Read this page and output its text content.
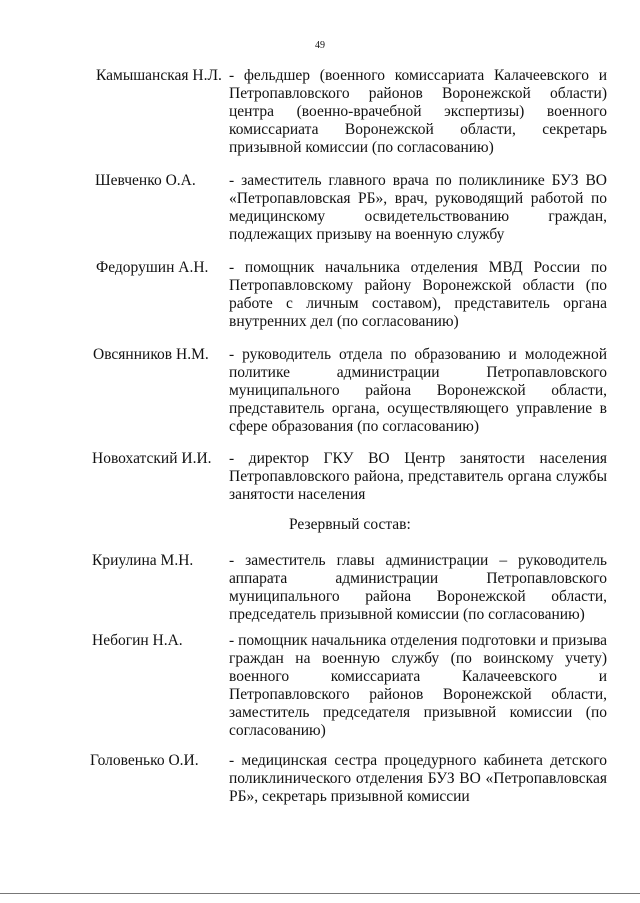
49
Камышанская Н.Л. - фельдшер (военного комиссариата Калачеевского и Петропавловского районов Воронежской области) центра (военно-врачебной экспертизы) военного комиссариата Воронежской области, секретарь призывной комиссии (по согласованию)
Шевченко О.А. - заместитель главного врача по поликлинике БУЗ ВО «Петропавловская РБ», врач, руководящий работой по медицинскому освидетельствованию граждан, подлежащих призыву на военную службу
Федорушин А.Н. - помощник начальника отделения МВД России по Петропавловскому району Воронежской области (по работе с личным составом), представитель органа внутренних дел (по согласованию)
Овсянников Н.М. - руководитель отдела по образованию и молодежной политике администрации Петропавловского муниципального района Воронежской области, представитель органа, осуществляющего управление в сфере образования (по согласованию)
Новохатский И.И. - директор ГКУ ВО Центр занятости населения Петропавловского района, представитель органа службы занятости населения
Резервный состав:
Криулина М.Н. - заместитель главы администрации – руководитель аппарата администрации Петропавловского муниципального района Воронежской области, председатель призывной комиссии (по согласованию)
Небогин Н.А.	- помощник начальника отделения подготовки и призыва граждан на военную службу (по воинскому учету) военного комиссариата Калачеевского и Петропавловского районов Воронежской области, заместитель председателя призывной комиссии (по согласованию)
Головенько О.И. - медицинская сестра процедурного кабинета детского поликлинического отделения БУЗ ВО «Петропавловская РБ», секретарь призывной комиссии
